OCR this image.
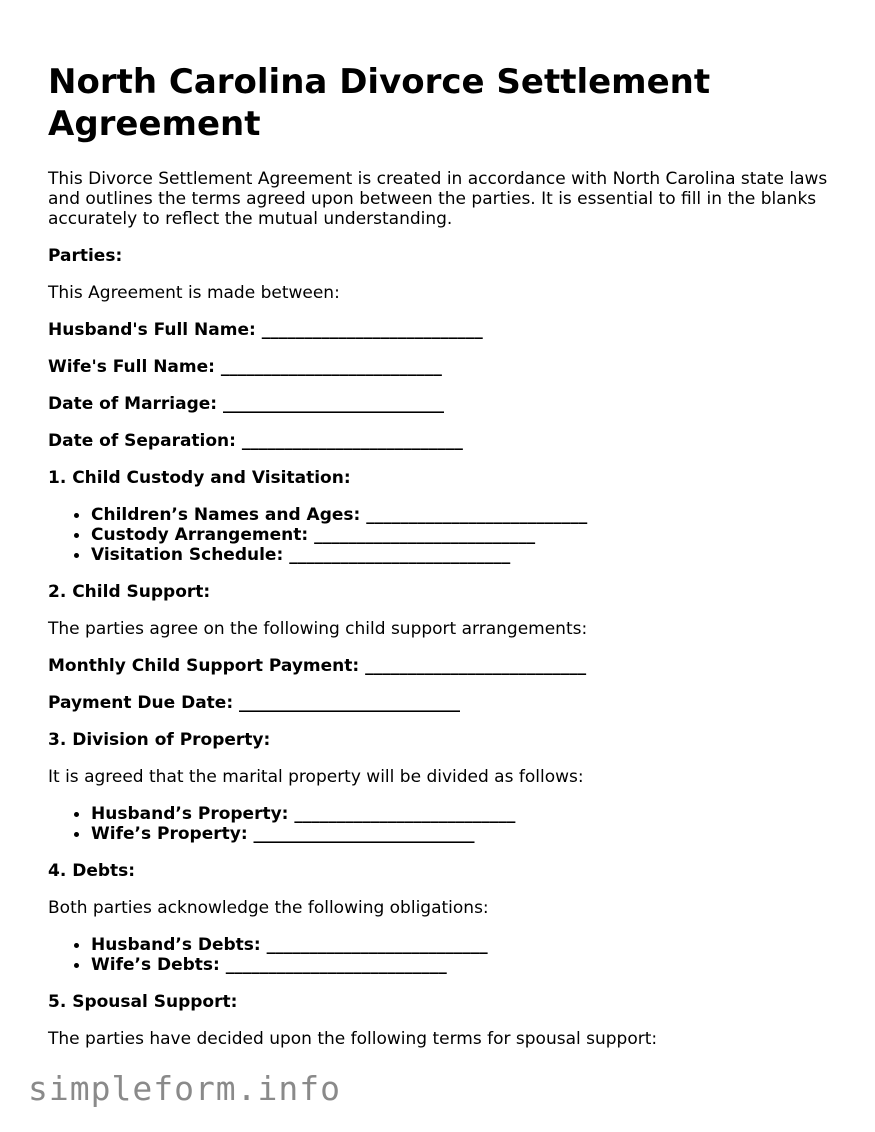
North Carolina Divorce Settlement Agreement

This Divorce Settlement Agreement is created in accordance with North Carolina state laws and outlines the terms agreed upon between the parties. It is essential to fill in the blanks accurately to reflect the mutual understanding.

Parties:

This Agreement is made between:

Husband's Full Name: __________________________

Wife's Full Name: __________________________

Date of Marriage: __________________________

Date of Separation: __________________________

1. Child Custody and Visitation:

Children’s Names and Ages: __________________________
Custody Arrangement: __________________________
Visitation Schedule: __________________________

2. Child Support:

The parties agree on the following child support arrangements:

Monthly Child Support Payment: __________________________

Payment Due Date: __________________________

3. Division of Property:

It is agreed that the marital property will be divided as follows:

Husband’s Property: __________________________
Wife’s Property: __________________________

4. Debts:

Both parties acknowledge the following obligations:

Husband’s Debts: __________________________
Wife’s Debts: __________________________

5. Spousal Support:

The parties have decided upon the following terms for spousal support:

simpleform.info
